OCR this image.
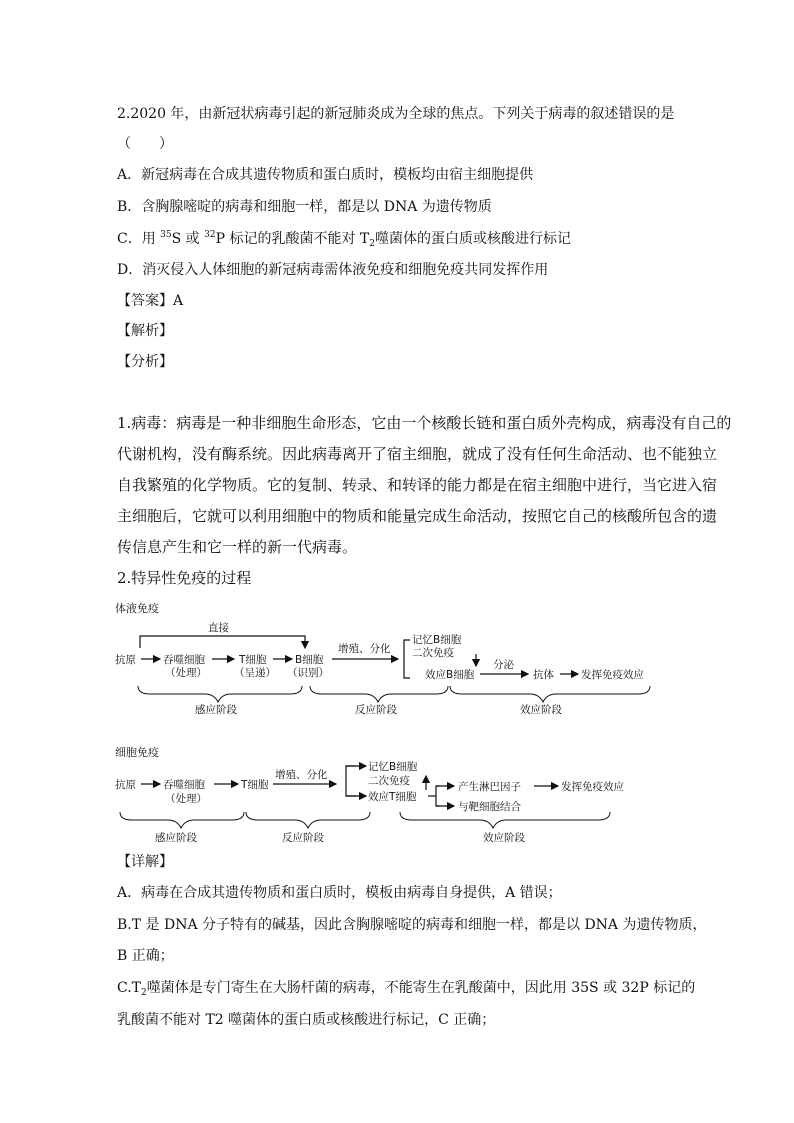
2.2020 年，由新冠状病毒引起的新冠肺炎成为全球的焦点。下列关于病毒的叙述错误的是
（　　）
A．新冠病毒在合成其遗传物质和蛋白质时，模板均由宿主细胞提供
B．含胸腺嘧啶的病毒和细胞一样，都是以 DNA 为遗传物质
C．用 $^{35}$S 或 $^{32}$P 标记的乳酸菌不能对 $T_2$噬菌体的蛋白质或核酸进行标记
D．消灭侵入人体细胞的新冠病毒需体液免疫和细胞免疫共同发挥作用
【答案】A
【解析】
【分析】
1.病毒：病毒是一种非细胞生命形态，它由一个核酸长链和蛋白质外壳构成，病毒没有自己的
代谢机构，没有酶系统。因此病毒离开了宿主细胞，就成了没有任何生命活动、也不能独立
自我繁殖的化学物质。它的复制、转录、和转译的能力都是在宿主细胞中进行，当它进入宿
主细胞后，它就可以利用细胞中的物质和能量完成生命活动，按照它自己的核酸所包含的遗
传信息产生和它一样的新一代病毒。
2.特异性免疫的过程
体液免疫
直接
抗原	吞噬细胞
（处理）
T细胞
（呈递）
B细胞
（识别）
增殖、分化
记忆B细胞
二次免疫
效应B细胞
分泌
抗体	发挥免疫效应
感应阶段	反应阶段	效应阶段
细胞免疫
抗原	吞噬细胞
（处理）
T细胞
增殖、分化
记忆B细胞
二次免疫
效应T细胞
产生淋巴因子
与靶细胞结合
发挥免疫效应
感应阶段	反应阶段	效应阶段
【详解】
A．病毒在合成其遗传物质和蛋白质时，模板由病毒自身提供，A 错误；
B.T 是 DNA 分子特有的碱基，因此含胸腺嘧啶的病毒和细胞一样，都是以 DNA 为遗传物质，
B 正确；
$C.T_2$噬菌体是专门寄生在大肠杆菌的病毒，不能寄生在乳酸菌中，因此用 35S 或 32P 标记的
乳酸菌不能对 T2 噬菌体的蛋白质或核酸进行标记，C 正确；
